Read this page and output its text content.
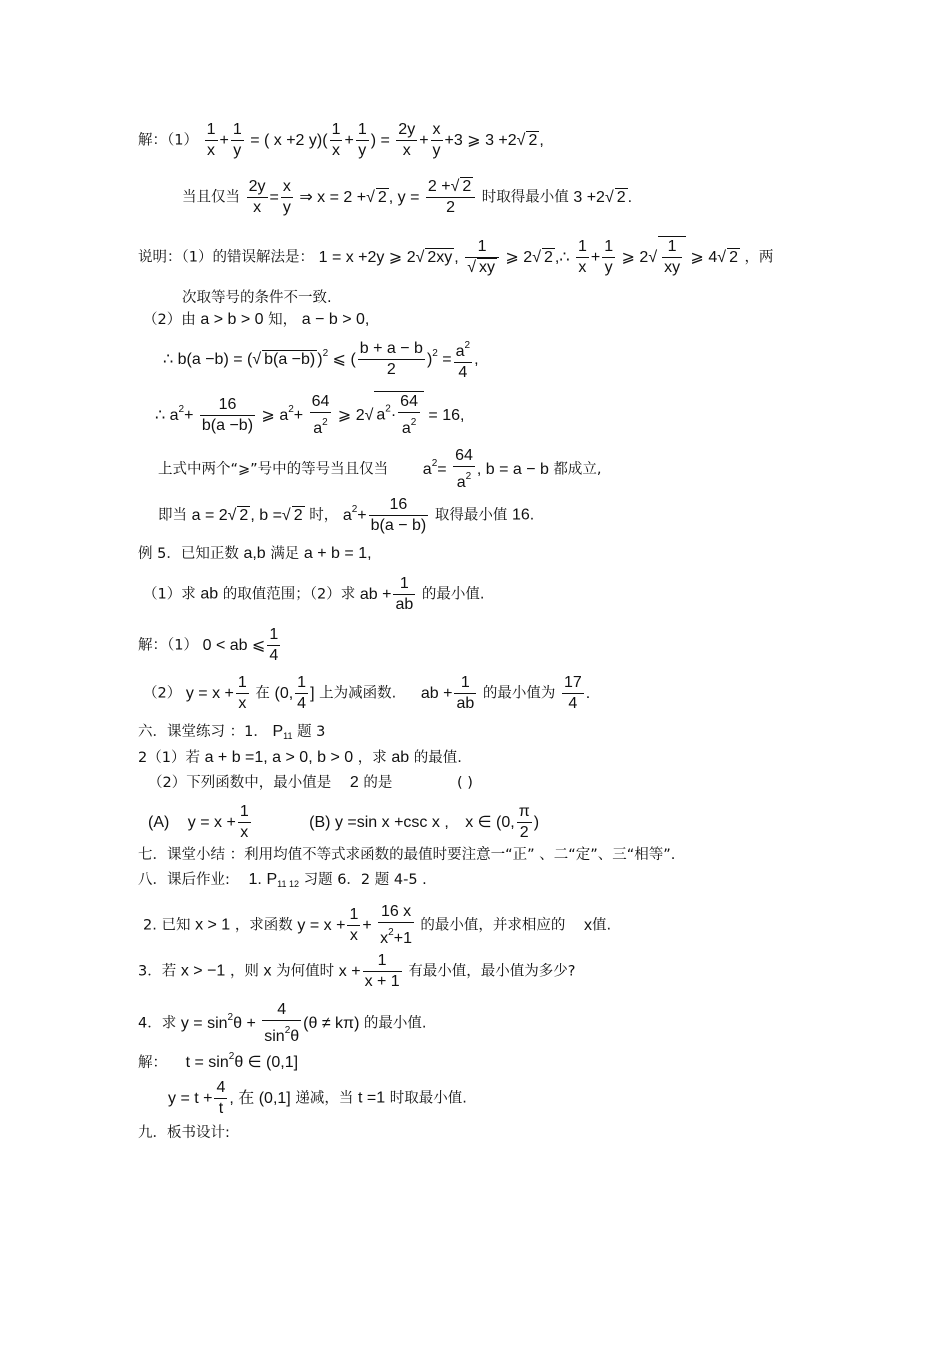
解：$(1) \frac{1}{x} + \frac{1}{y}$ = ( x +2 $y)( \frac{1}{x} + \frac{1}{y}$ ) = $\frac{2y}{x} + \frac{x}{y} +3$ ⩾ 3 +2 √ 2 ,
当且仅当 $\frac{2y}{x} = \frac{x}{y}$ ⇒ x = 2 + √ 2 , $y = \frac{2 + √ 2}{2}$ 时取得最小值 3 +2 √ 2 .
说明：（1）的错误解法是： 1 = x +2y ⩾ 2 √ 2xy , 1
√ xy ⩾ 2 √ 2 ,∴ $\frac{1}{x} + \frac{1}{y}$ ⩾ $2√ \frac{1}{xy}$ ⩾ 4 √ 2 ，两
次取等号的条件不一致.
（2）由 a > b > 0 知， a − b > 0,
∴ b(a −b) = ( √ b(a −b) )$^2$ ⩽ ( $\frac{b + a - b}{2} )^2 = \frac{a^2}{4}$ ,
∴ $a^2+ \frac{16}{b(a -b)}$ ⩾ $a^2+ \frac{64}{a^2}$ ⩾ 2 √ $a^2\cdot \frac{64}{a^2} = 16$,
上式中两个“⩾”号中的等号当且仅当 $a^2= \frac{64}{a^2}$ , b = a − b 都成立,
即当 a = 2 √ 2 , b = √ 2 时， $a^2+ \frac{16}{b(a - b)}$ 取得最小值 16.
例 5．已知正数 a,b 满足 a + b = 1,
（1）求 ab 的取值范围；（2）求 ab + $\frac{1}{ab}$ 的最小值.
解：（1） 0 < ab ⩽ $\frac{1}{4}$
（2） $y = x + \frac{1}{x}$ 在 (0, $\frac{1}{4}$ ] 上为减函数. ab + $\frac{1}{ab}$ 的最小值为 $\frac{17}{4}$ .
六．课堂练习 ：1． $P_{11}$ 题 3
2（1）若 a + b =1, a > 0, b > 0 ，求 ab 的最值.
（2）下列函数中，最小值是 2 的是	( )
(A) $y = x + \frac{1}{x}$	(B) y =sin x +csc x , x ∈ (0, $\frac{\pi}{2}$ )
七．课堂小结 ：利用均值不等式求函数的最值时要注意一“正” 、二“定”、三“相等”.
八．课后作业: 1. $P_{11 12}$ 习题 6．2 题 4-5 .
2. 已知 x > 1 ，求函数 $y = x + \frac{1}{x} + \frac{16 x}{x^2+1}$ 的最小值，并求相应的 x值.
3．若 x > −1 ，则 x 为何值时 $x + \frac{1}{x + 1}$ 有最小值，最小值为多少?
4．求 $y = \sin^2\theta + \frac{4}{\sin^2\theta} (\theta \ne k\pi)$ 的最小值.
解： $t = \sin^2\theta$ ∈ (0,1]
$y = t + \frac{4}{t}$ , 在 (0,1] 递减，当 t =1 时取最小值.
九．板书设计:
